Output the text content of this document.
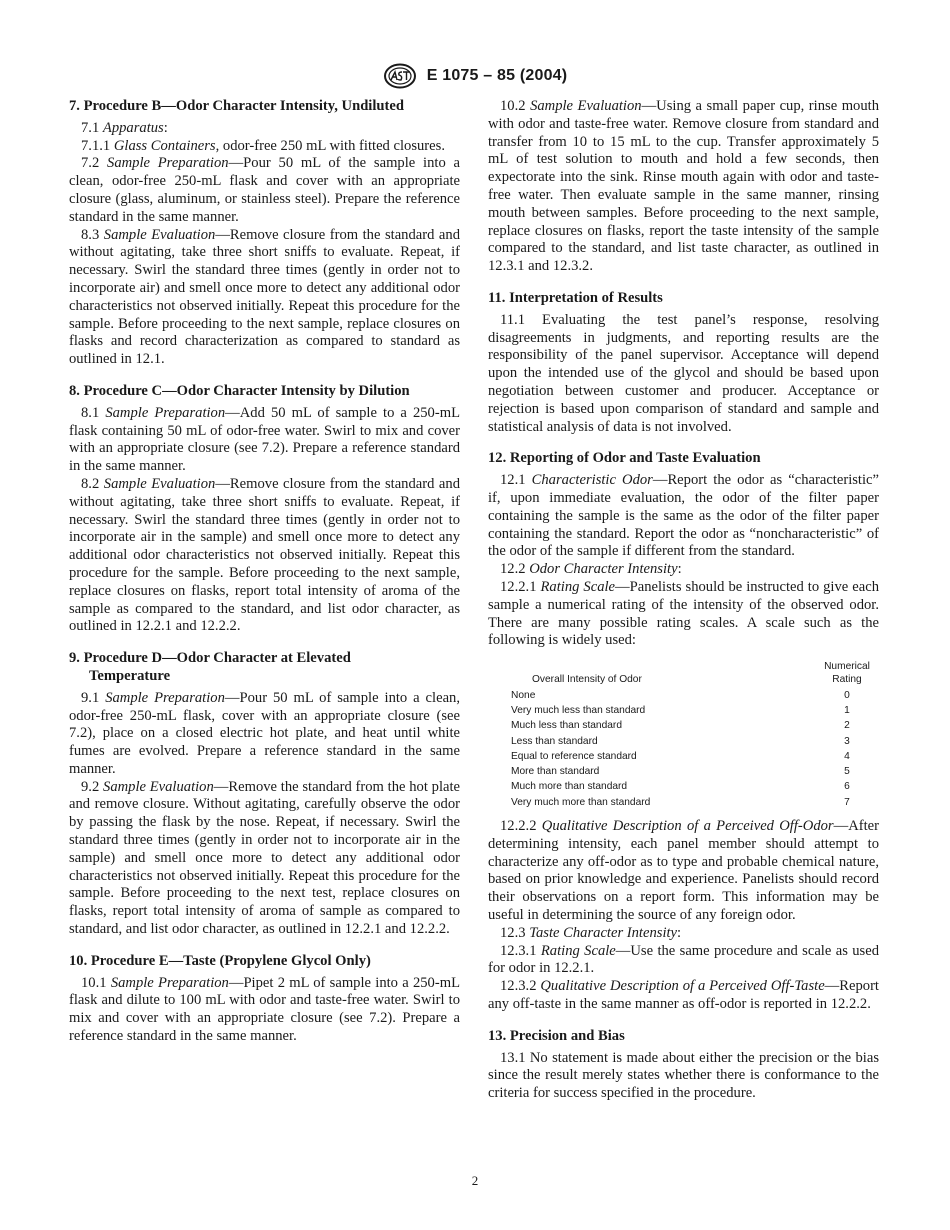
E 1075 – 85 (2004)
7. Procedure B—Odor Character Intensity, Undiluted

7.1 Apparatus:

7.1.1 Glass Containers, odor-free 250 mL with fitted closures.

7.2 Sample Preparation—Pour 50 mL of the sample into a clean, odor-free 250-mL flask and cover with an appropriate closure (glass, aluminum, or stainless steel). Prepare the reference standard in the same manner.

8.3 Sample Evaluation—Remove closure from the standard and without agitating, take three short sniffs to evaluate. Repeat, if necessary. Swirl the standard three times (gently in order not to incorporate air) and smell once more to detect any additional odor characteristics not observed initially. Repeat this procedure for the sample. Before proceeding to the next sample, replace closures on flasks and record characterization as compared to standard as outlined in 12.1.

8. Procedure C—Odor Character Intensity by Dilution

8.1 Sample Preparation—Add 50 mL of sample to a 250-mL flask containing 50 mL of odor-free water. Swirl to mix and cover with an appropriate closure (see 7.2). Prepare a reference standard in the same manner.

8.2 Sample Evaluation—Remove closure from the standard and without agitating, take three short sniffs to evaluate. Repeat, if necessary. Swirl the standard three times (gently in order not to incorporate air in the sample) and smell once more to detect any additional odor characteristics not observed initially. Repeat this procedure for the sample. Before proceeding to the next sample, replace closures on flasks, report total intensity of aroma of the sample as compared to the standard, and list odor character, as outlined in 12.2.1 and 12.2.2.

9. Procedure D—Odor Character at Elevated
Temperature

9.1 Sample Preparation—Pour 50 mL of sample into a clean, odor-free 250-mL flask, cover with an appropriate closure (see 7.2), place on a closed electric hot plate, and heat until white fumes are evolved. Prepare a reference standard in the same manner.

9.2 Sample Evaluation—Remove the standard from the hot plate and remove closure. Without agitating, carefully observe the odor by passing the flask by the nose. Repeat, if necessary. Swirl the standard three times (gently in order not to incorporate air in the sample) and smell once more to detect any additional odor characteristics not observed initially. Repeat this procedure for the sample. Before proceeding to the next test, replace closures on flasks, report total intensity of aroma of sample as compared to standard, and list odor character, as outlined in 12.2.1 and 12.2.2.

10. Procedure E—Taste (Propylene Glycol Only)

10.1 Sample Preparation—Pipet 2 mL of sample into a 250-mL flask and dilute to 100 mL with odor and taste-free water. Swirl to mix and cover with an appropriate closure (see 7.2). Prepare a reference standard in the same manner.

10.2 Sample Evaluation—Using a small paper cup, rinse mouth with odor and taste-free water. Remove closure from standard and transfer from 10 to 15 mL to the cup. Transfer approximately 5 mL of test solution to mouth and hold a few seconds, then expectorate into the sink. Rinse mouth again with odor and taste-free water. Then evaluate sample in the same manner, rinsing mouth between samples. Before proceeding to the next sample, replace closures on flasks, report the taste intensity of the sample compared to the standard, and list taste character, as outlined in 12.3.1 and 12.3.2.

11. Interpretation of Results

11.1 Evaluating the test panel’s response, resolving disagreements in judgments, and reporting results are the responsibility of the panel supervisor. Acceptance will depend upon the intended use of the glycol and should be based upon negotiation between customer and producer. Acceptance or rejection is based upon comparison of standard and sample and statistical analysis of data is not involved.

12. Reporting of Odor and Taste Evaluation

12.1 Characteristic Odor—Report the odor as “characteristic” if, upon immediate evaluation, the odor of the filter paper containing the sample is the same as the odor of the filter paper containing the standard. Report the odor as “noncharacteristic” of the odor of the sample if different from the standard.

12.2 Odor Character Intensity:

12.2.1 Rating Scale—Panelists should be instructed to give each sample a numerical rating of the intensity of the observed odor. There are many possible rating scales. A scale such as the following is widely used:

Overall Intensity of Odor	Numerical
Rating
None	0
Very much less than standard	1
Much less than standard	2
Less than standard	3
Equal to reference standard	4
More than standard	5
Much more than standard	6
Very much more than standard	7

12.2.2 Qualitative Description of a Perceived Off-Odor—After determining intensity, each panel member should attempt to characterize any off-odor as to type and probable chemical nature, based on prior knowledge and experience. Panelists should record their observations on a report form. This information may be useful in determining the source of any foreign odor.

12.3 Taste Character Intensity:

12.3.1 Rating Scale—Use the same procedure and scale as used for odor in 12.2.1.

12.3.2 Qualitative Description of a Perceived Off-Taste—Report any off-taste in the same manner as off-odor is reported in 12.2.2.

13. Precision and Bias

13.1 No statement is made about either the precision or the bias since the result merely states whether there is conformance to the criteria for success specified in the procedure.

2
